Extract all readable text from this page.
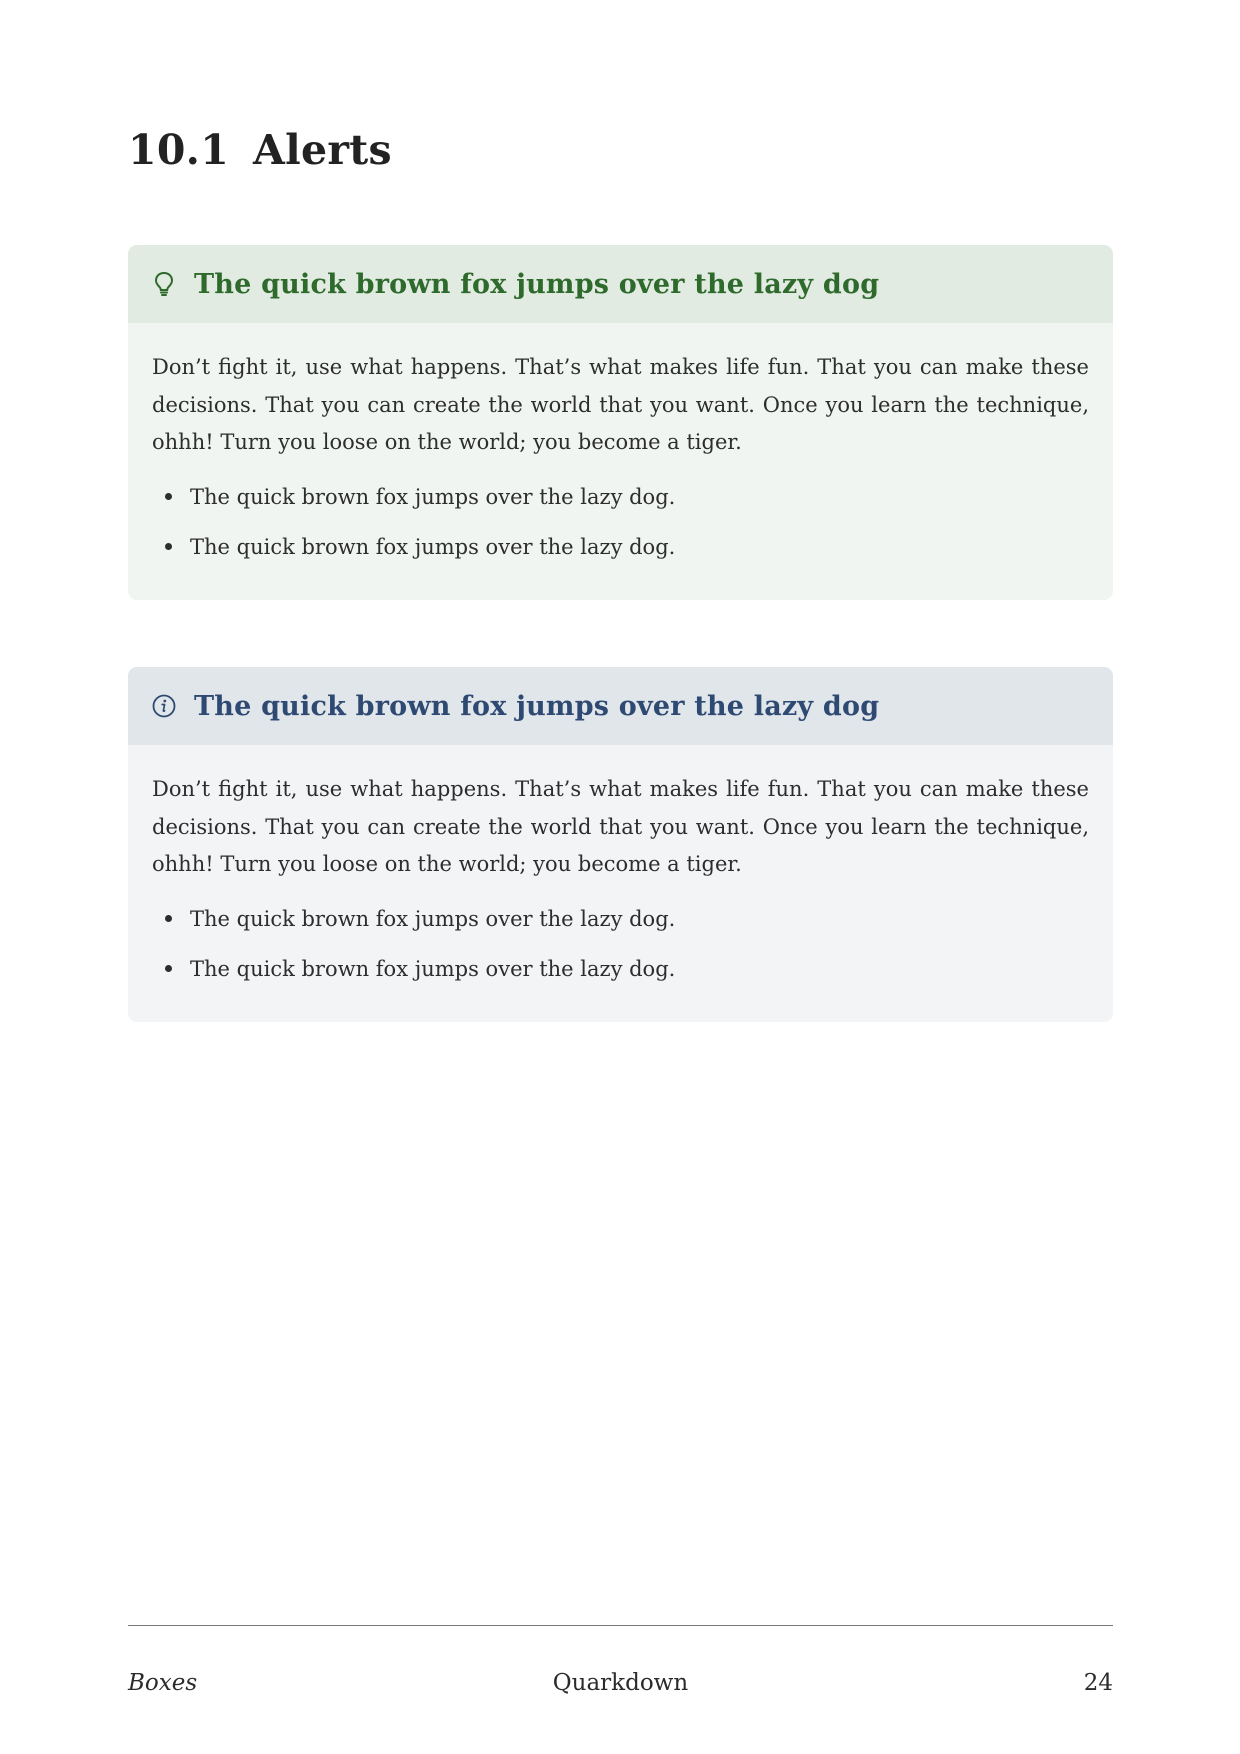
10.1 Alerts
The quick brown fox jumps over the lazy dog

Don’t fight it, use what happens. That’s what makes life fun. That you can make these decisions. That you can create the world that you want. Once you learn the technique, ohhh! Turn you loose on the world; you become a tiger.

The quick brown fox jumps over the lazy dog.
The quick brown fox jumps over the lazy dog.
The quick brown fox jumps over the lazy dog

Don’t fight it, use what happens. That’s what makes life fun. That you can make these decisions. That you can create the world that you want. Once you learn the technique, ohhh! Turn you loose on the world; you become a tiger.

The quick brown fox jumps over the lazy dog.
The quick brown fox jumps over the lazy dog.
Boxes	Quarkdown	24
